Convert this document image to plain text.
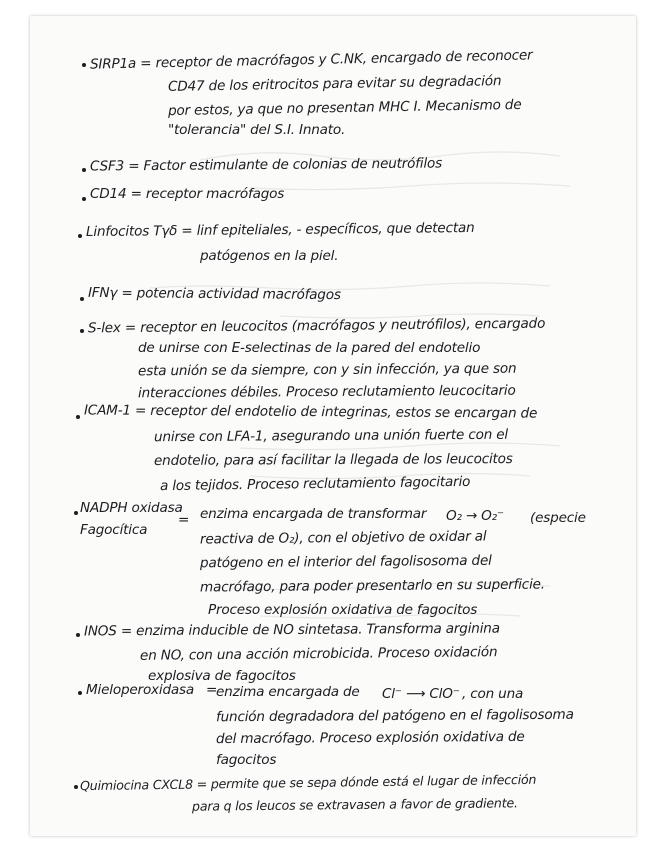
SIRP1a = receptor de macrófagos y C.NK, encargado de reconocer
CD47 de los eritrocitos para evitar su degradación
por estos, ya que no presentan MHC I. Mecanismo de
"tolerancia" del S.I. Innato.
CSF3 = Factor estimulante de colonias de neutrófilos
CD14 = receptor macrófagos
Linfocitos Tγδ = linf epiteliales, - específicos, que detectan
patógenos en la piel.
IFNγ = potencia actividad macrófagos
S-lex = receptor en leucocitos (macrófagos y neutrófilos), encargado
de unirse con E-selectinas de la pared del endotelio
esta unión se da siempre, con y sin infección, ya que son
interacciones débiles. Proceso reclutamiento leucocitario
ICAM-1 = receptor del endotelio de integrinas, estos se encargan de
unirse con LFA-1, asegurando una unión fuerte con el
endotelio, para así facilitar la llegada de los leucocitos
a los tejidos. Proceso reclutamiento fagocitario
NADPH oxidasa
Fagocítica
= enzima encargada de transformar O₂ → O₂⁻ (especie
reactiva de O₂), con el objetivo de oxidar al
patógeno en el interior del fagolisosoma del
macrófago, para poder presentarlo en su superficie.
Proceso explosión oxidativa de fagocitos
INOS = enzima inducible de NO sintetasa. Transforma arginina
en NO, con una acción microbicida. Proceso oxidación
explosiva de fagocitos
Mieloperoxidasa =
enzima encargada de Cl⁻ ⟶ ClO⁻ , con una
función degradadora del patógeno en el fagolisosoma
del macrófago. Proceso explosión oxidativa de
fagocitos
Quimiocina CXCL8 = permite que se sepa dónde está el lugar de infección
para q los leucos se extravasen a favor de gradiente.
